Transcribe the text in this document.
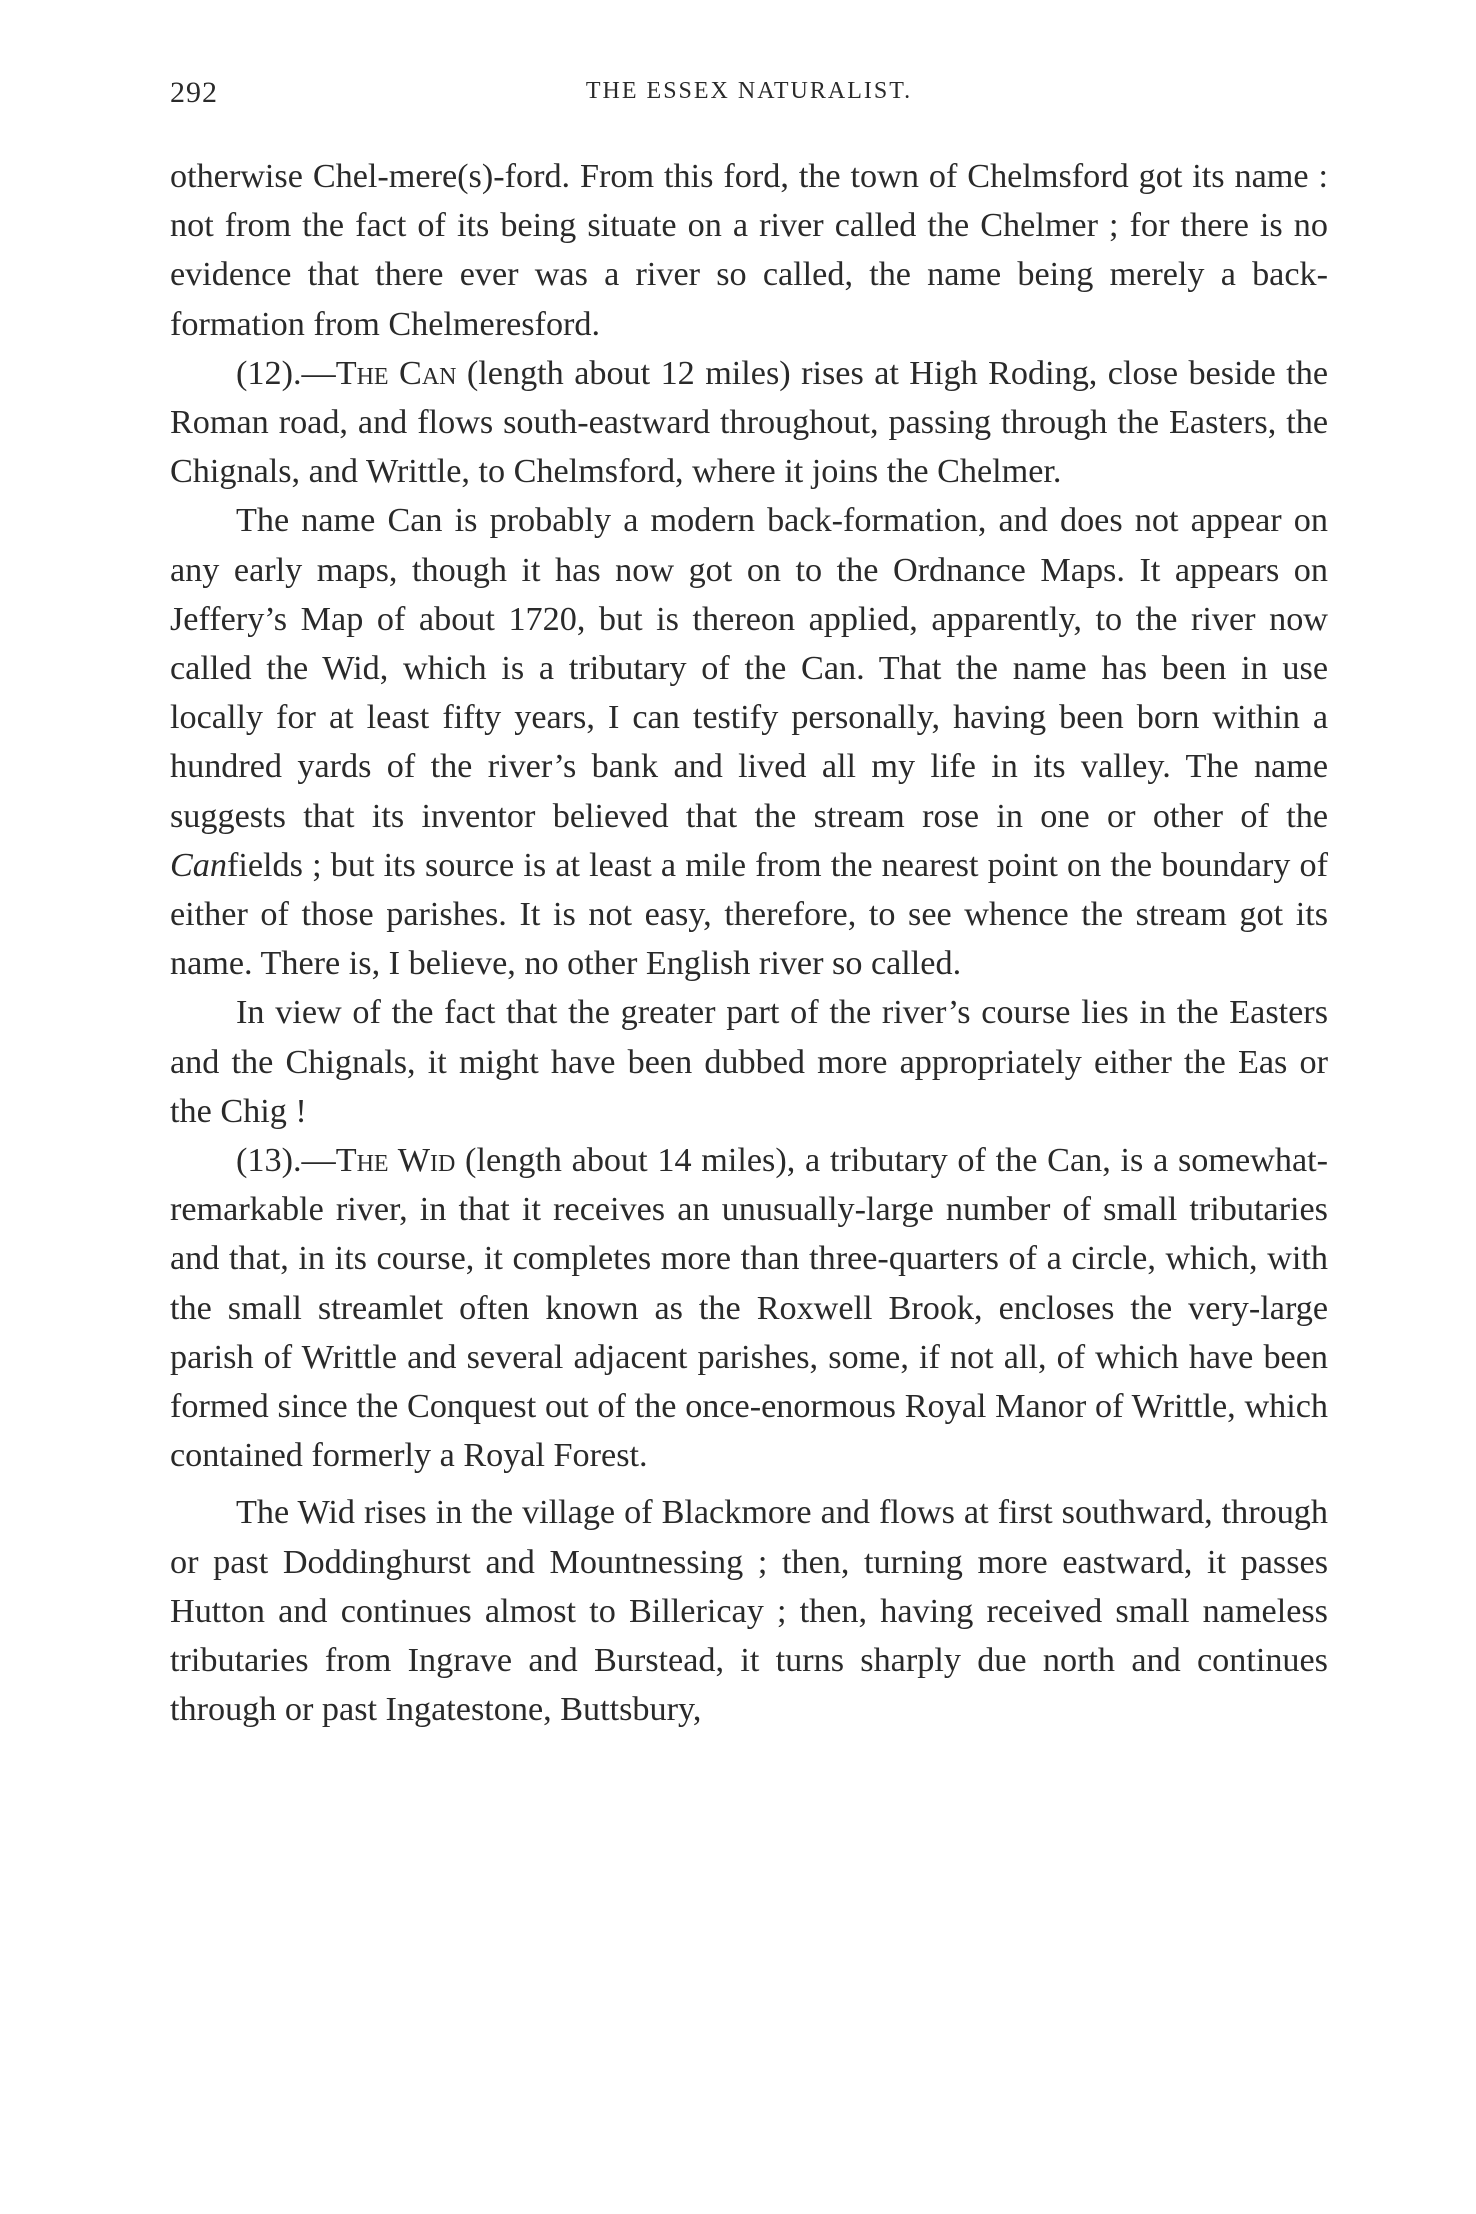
292	THE ESSEX NATURALIST.

otherwise Chel-mere(s)-ford. From this ford, the town of Chelmsford got its name : not from the fact of its being situate on a river called the Chelmer ; for there is no evidence that there ever was a river so called, the name being merely a back-formation from Chelmeresford.

(12).—The Can (length about 12 miles) rises at High Roding, close beside the Roman road, and flows south-eastward throughout, passing through the Easters, the Chignals, and Writtle, to Chelmsford, where it joins the Chelmer.

The name Can is probably a modern back-formation, and does not appear on any early maps, though it has now got on to the Ordnance Maps. It appears on Jeffery’s Map of about 1720, but is thereon applied, apparently, to the river now called the Wid, which is a tributary of the Can. That the name has been in use locally for at least fifty years, I can testify personally, having been born within a hundred yards of the river’s bank and lived all my life in its valley. The name suggests that its inventor believed that the stream rose in one or other of the Canfields ; but its source is at least a mile from the nearest point on the boundary of either of those parishes. It is not easy, therefore, to see whence the stream got its name. There is, I believe, no other English river so called.

In view of the fact that the greater part of the river’s course lies in the Easters and the Chignals, it might have been dubbed more appropriately either the Eas or the Chig !

(13).—The Wid (length about 14 miles), a tributary of the Can, is a somewhat-remarkable river, in that it receives an unusually-large number of small tributaries and that, in its course, it completes more than three-quarters of a circle, which, with the small streamlet often known as the Roxwell Brook, encloses the very-large parish of Writtle and several adjacent parishes, some, if not all, of which have been formed since the Conquest out of the once-enormous Royal Manor of Writtle, which contained formerly a Royal Forest.

The Wid rises in the village of Blackmore and flows at first southward, through or past Doddinghurst and Mountnessing ; then, turning more eastward, it passes Hutton and continues almost to Billericay ; then, having received small nameless tributaries from Ingrave and Burstead, it turns sharply due north and continues through or past Ingatestone, Buttsbury,
